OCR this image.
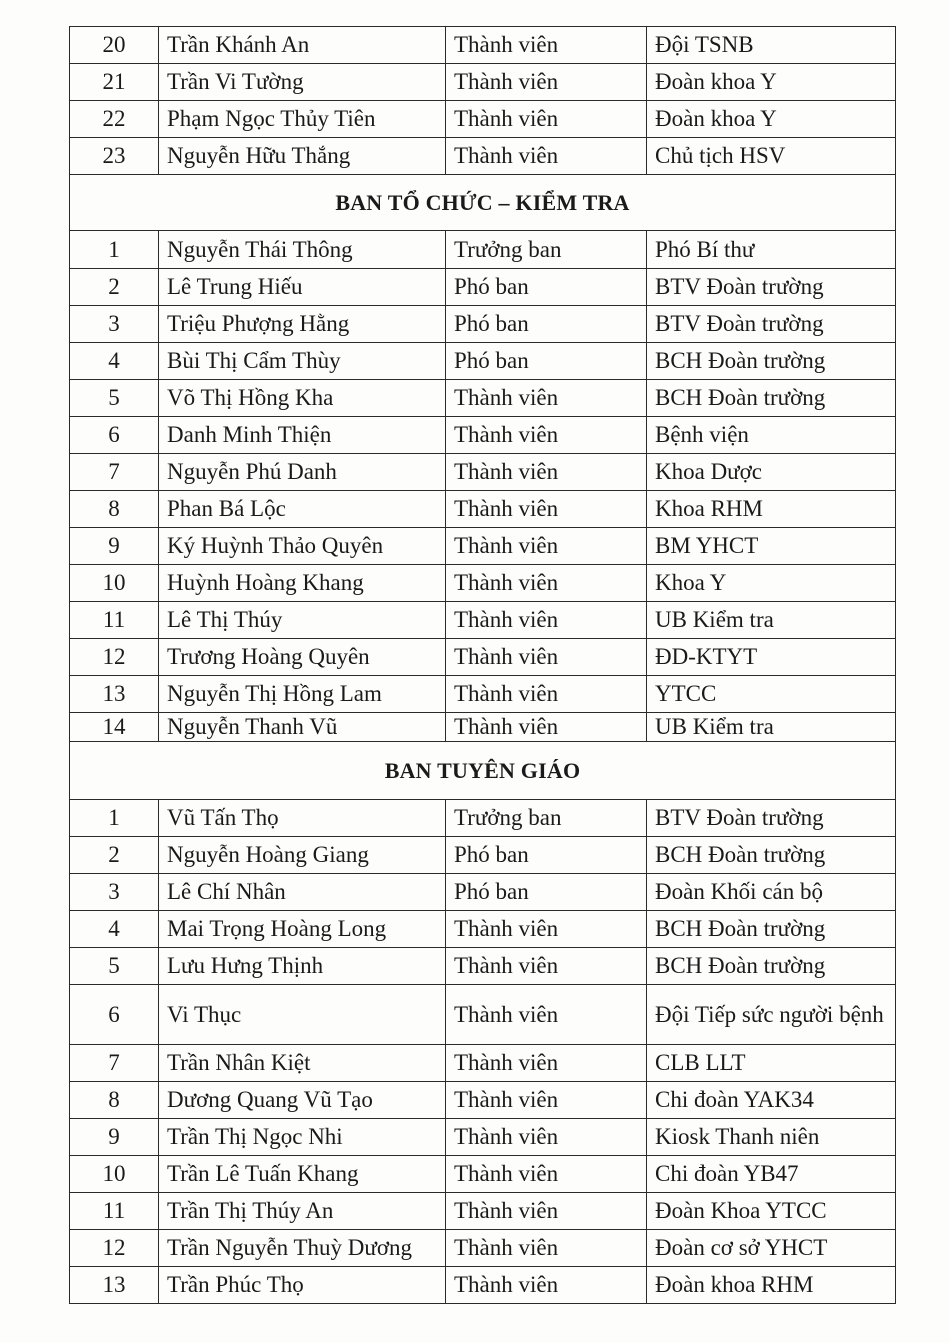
20	Trần Khánh An	Thành viên	Đội TSNB
21	Trần Vi Tường	Thành viên	Đoàn khoa Y
22	Phạm Ngọc Thủy Tiên	Thành viên	Đoàn khoa Y
23	Nguyễn Hữu Thắng	Thành viên	Chủ tịch HSV
BAN TỔ CHỨC – KIỂM TRA			
1	Nguyễn Thái Thông	Trưởng ban	Phó Bí thư
2	Lê Trung Hiếu	Phó ban	BTV Đoàn trường
3	Triệu Phượng Hằng	Phó ban	BTV Đoàn trường
4	Bùi Thị Cẩm Thùy	Phó ban	BCH Đoàn trường
5	Võ Thị Hồng Kha	Thành viên	BCH Đoàn trường
6	Danh Minh Thiện	Thành viên	Bệnh viện
7	Nguyễn Phú Danh	Thành viên	Khoa Dược
8	Phan Bá Lộc	Thành viên	Khoa RHM
9	Ký Huỳnh Thảo Quyên	Thành viên	BM YHCT
10	Huỳnh Hoàng Khang	Thành viên	Khoa Y
11	Lê Thị Thúy	Thành viên	UB Kiểm tra
12	Trương Hoàng Quyên	Thành viên	ĐD-KTYT
13	Nguyễn Thị Hồng Lam	Thành viên	YTCC
14	Nguyễn Thanh Vũ	Thành viên	UB Kiểm tra
BAN TUYÊN GIÁO			
1	Vũ Tấn Thọ	Trưởng ban	BTV Đoàn trường
2	Nguyễn Hoàng Giang	Phó ban	BCH Đoàn trường
3	Lê Chí Nhân	Phó ban	Đoàn Khối cán bộ
4	Mai Trọng Hoàng Long	Thành viên	BCH Đoàn trường
5	Lưu Hưng Thịnh	Thành viên	BCH Đoàn trường
6	Vi Thục	Thành viên	Đội Tiếp sức người bệnh
7	Trần Nhân Kiệt	Thành viên	CLB LLT
8	Dương Quang Vũ Tạo	Thành viên	Chi đoàn YAK34
9	Trần Thị Ngọc Nhi	Thành viên	Kiosk Thanh niên
10	Trần Lê Tuấn Khang	Thành viên	Chi đoàn YB47
11	Trần Thị Thúy An	Thành viên	Đoàn Khoa YTCC
12	Trần Nguyễn Thuỳ Dương	Thành viên	Đoàn cơ sở YHCT
13	Trần Phúc Thọ	Thành viên	Đoàn khoa RHM
